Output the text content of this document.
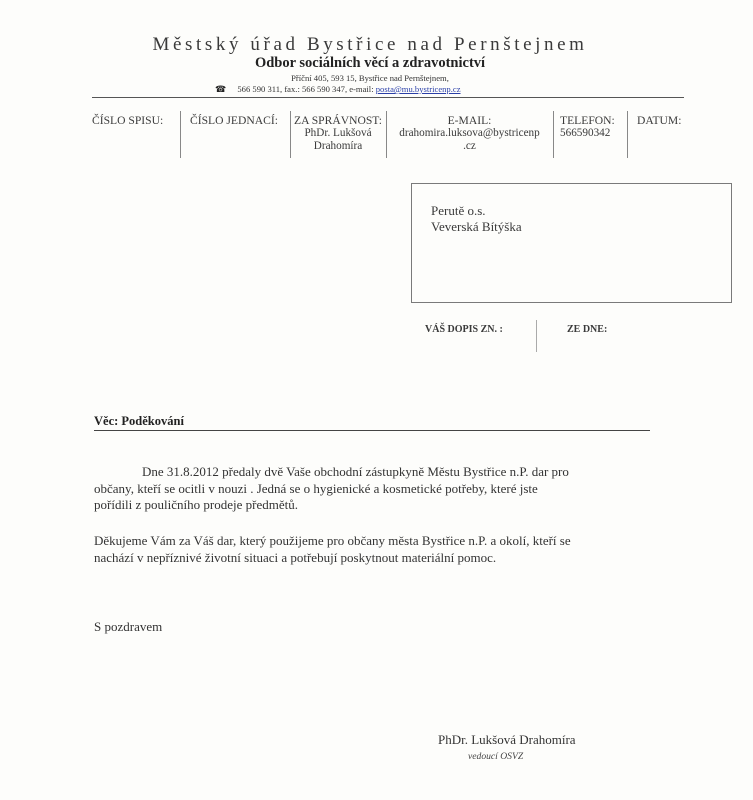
Městský úřad Bystřice nad Pernštejnem
Odbor sociálních věcí a zdravotnictví
Příční 405, 593 15, Bystřice nad Pernštejnem,
☎ 566 590 311, fax.: 566 590 347, e-mail: posta@mu.bystricenp.cz
ČÍSLO SPISU: ČÍSLO JEDNACÍ: ZA SPRÁVNOST:
PhDr. Lukšová
Drahomíra
E-MAIL:
drahomira.luksova@bystricenp
.cz
TELEFON:
566590342
DATUM:
Perutě o.s.
Veverská Bítýška
VÁŠ DOPIS ZN. :	ZE DNE:
Věc: Poděkování
Dne 31.8.2012 předaly dvě Vaše obchodní zástupkyně Městu Bystřice n.P. dar pro
občany, kteří se ocitli v nouzi . Jedná se o hygienické a kosmetické potřeby, které jste
pořídili z pouličního prodeje předmětů.
Děkujeme Vám za Váš dar, který použijeme pro občany města Bystřice n.P. a okolí, kteří se
nachází v nepříznivé životní situaci a potřebují poskytnout materiální pomoc.
S pozdravem
PhDr. Lukšová Drahomíra
vedoucí OSVZ
